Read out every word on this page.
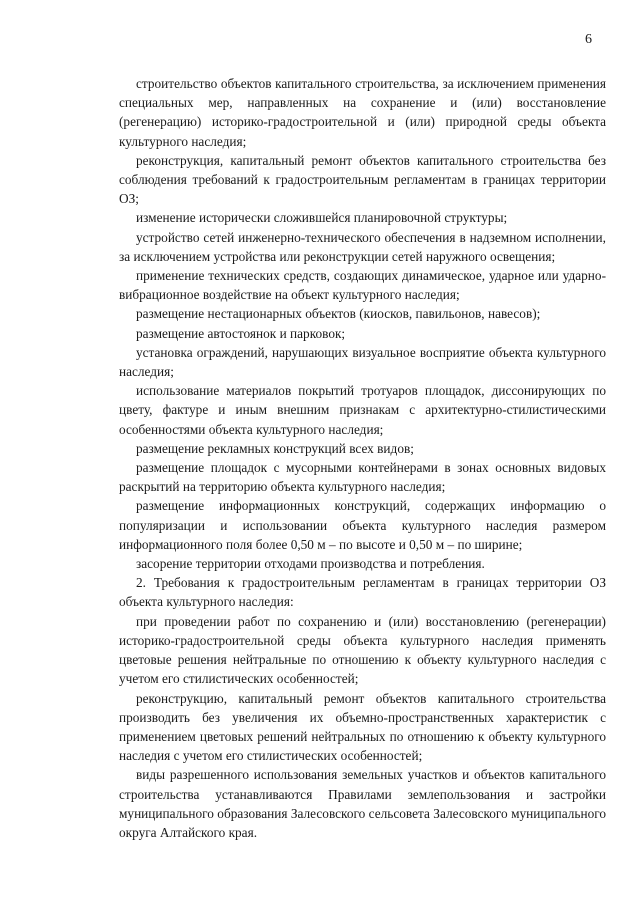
6

строительство объектов капитального строительства, за исключением применения специальных мер, направленных на сохранение и (или) восстановление (регенерацию) историко-градостроительной и (или) природной среды объекта культурного наследия;

реконструкция, капитальный ремонт объектов капитального строительства без соблюдения требований к градостроительным регламентам в границах территории ОЗ;

изменение исторически сложившейся планировочной структуры;

устройство сетей инженерно-технического обеспечения в надземном исполнении, за исключением устройства или реконструкции сетей наружного освещения;

применение технических средств, создающих динамическое, ударное или ударно-вибрационное воздействие на объект культурного наследия;

размещение нестационарных объектов (киосков, павильонов, навесов);

размещение автостоянок и парковок;

установка ограждений, нарушающих визуальное восприятие объекта культурного наследия;

использование материалов покрытий тротуаров площадок, диссонирующих по цвету, фактуре и иным внешним признакам с архитектурно-стилистическими особенностями объекта культурного наследия;

размещение рекламных конструкций всех видов;

размещение площадок с мусорными контейнерами в зонах основных видовых раскрытий на территорию объекта культурного наследия;

размещение информационных конструкций, содержащих информацию о популяризации и использовании объекта культурного наследия размером информационного поля более 0,50 м – по высоте и 0,50 м – по ширине;

засорение территории отходами производства и потребления.

2. Требования к градостроительным регламентам в границах территории ОЗ объекта культурного наследия:

при проведении работ по сохранению и (или) восстановлению (регенерации) историко-градостроительной среды объекта культурного наследия применять цветовые решения нейтральные по отношению к объекту культурного наследия с учетом его стилистических особенностей;

реконструкцию, капитальный ремонт объектов капитального строительства производить без увеличения их объемно-пространственных характеристик с применением цветовых решений нейтральных по отношению к объекту культурного наследия с учетом его стилистических особенностей;

виды разрешенного использования земельных участков и объектов капитального строительства устанавливаются Правилами землепользования и застройки муниципального образования Залесовского сельсовета Залесовского муниципального округа Алтайского края.
